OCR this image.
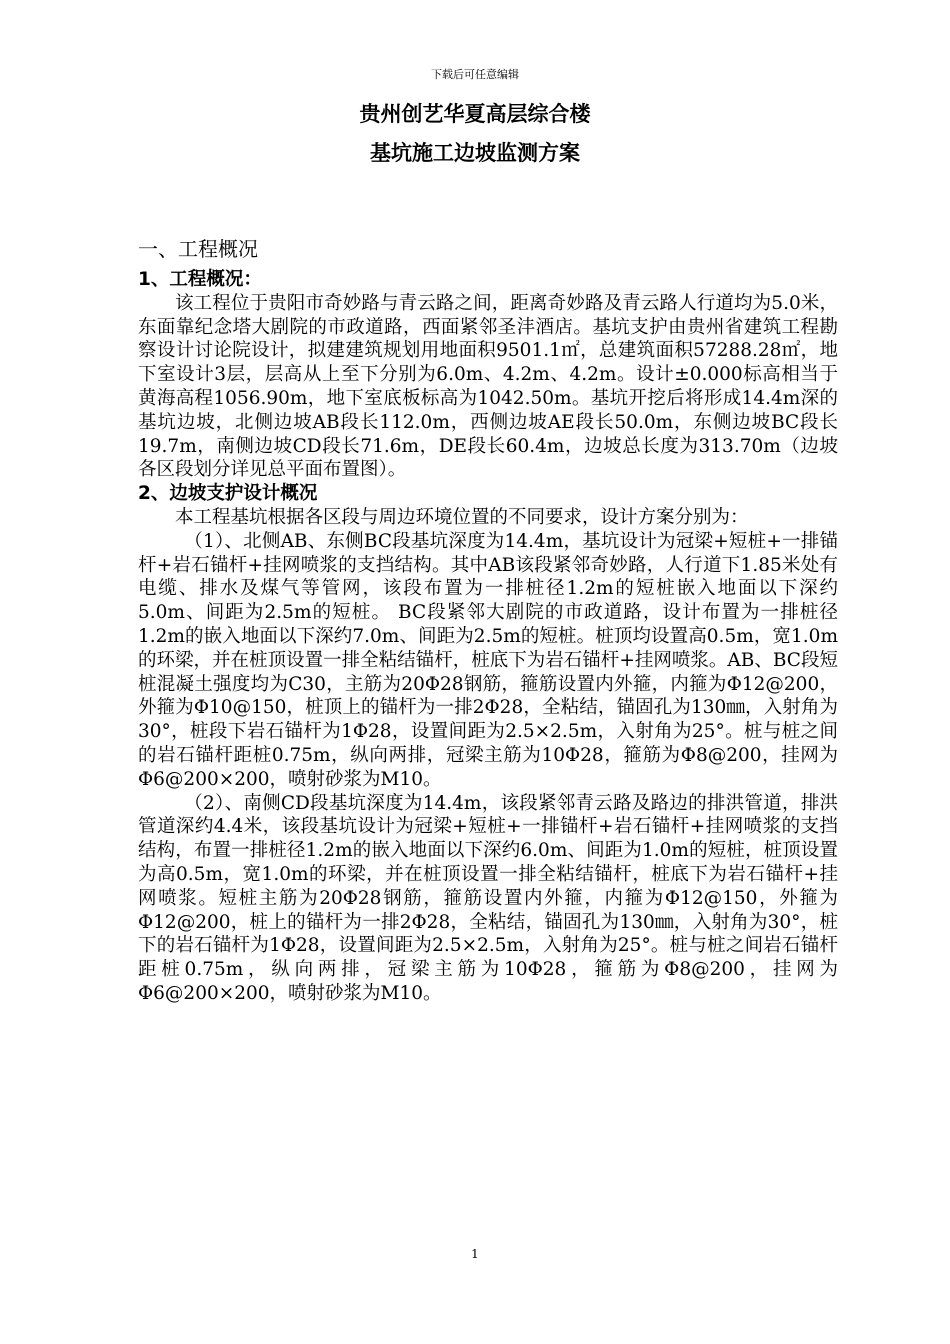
下载后可任意编辑
贵州创艺华夏高层综合楼
基坑施工边坡监测方案
一、工程概况

1、工程概况：

该工程位于贵阳市奇妙路与青云路之间，距离奇妙路及青云路人行道均为5.0米，东面靠纪念塔大剧院的市政道路，西面紧邻圣沣酒店。基坑支护由贵州省建筑工程勘察设计讨论院设计，拟建建筑规划用地面积9501.1㎡，总建筑面积57288.28㎡，地下室设计3层，层高从上至下分别为6.0m、4.2m、4.2m。设计±0.000标高相当于黄海高程1056.90m，地下室底板标高为1042.50m。基坑开挖后将形成14.4m深的基坑边坡，北侧边坡AB段长112.0m，西侧边坡AE段长50.0m，东侧边坡BC段长19.7m，南侧边坡CD段长71.6m，DE段长60.4m，边坡总长度为313.70m（边坡各区段划分详见总平面布置图）。

2、边坡支护设计概况

本工程基坑根据各区段与周边环境位置的不同要求，设计方案分别为：

（1）、北侧AB、东侧BC段基坑深度为14.4m，基坑设计为冠梁+短桩+一排锚杆+岩石锚杆+挂网喷浆的支挡结构。其中AB该段紧邻奇妙路，人行道下1.85米处有电缆、排水及煤气等管网，该段布置为一排桩径1.2m的短桩嵌入地面以下深约5.0m、间距为2.5m的短桩。 BC段紧邻大剧院的市政道路，设计布置为一排桩径1.2m的嵌入地面以下深约7.0m、间距为2.5m的短桩。桩顶均设置高0.5m，宽1.0m的环梁，并在桩顶设置一排全粘结锚杆，桩底下为岩石锚杆+挂网喷浆。AB、BC段短桩混凝土强度均为C30，主筋为20Φ28钢筋，箍筋设置内外箍，内箍为Φ12@200，外箍为Φ10@150，桩顶上的锚杆为一排2Φ28，全粘结，锚固孔为130㎜，入射角为30°，桩段下岩石锚杆为1Φ28，设置间距为2.5×2.5m，入射角为25°。桩与桩之间的岩石锚杆距桩0.75m，纵向两排，冠梁主筋为10Φ28，箍筋为Φ8@200，挂网为Φ6@200×200，喷射砂浆为M10。

（2）、南侧CD段基坑深度为14.4m，该段紧邻青云路及路边的排洪管道，排洪管道深约4.4米，该段基坑设计为冠梁+短桩+一排锚杆+岩石锚杆+挂网喷浆的支挡结构，布置一排桩径1.2m的嵌入地面以下深约6.0m、间距为1.0m的短桩，桩顶设置为高0.5m，宽1.0m的环梁，并在桩顶设置一排全粘结锚杆，桩底下为岩石锚杆+挂网喷浆。短桩主筋为20Φ28钢筋，箍筋设置内外箍，内箍为Φ12@150，外箍为Φ12@200，桩上的锚杆为一排2Φ28，全粘结，锚固孔为130㎜，入射角为30°，桩下的岩石锚杆为1Φ28，设置间距为2.5×2.5m，入射角为25°。桩与桩之间岩石锚杆距桩0.75m，纵向两排，冠梁主筋为10Φ28，箍筋为Φ8@200，挂网为Φ6@200×200，喷射砂浆为M10。

1
